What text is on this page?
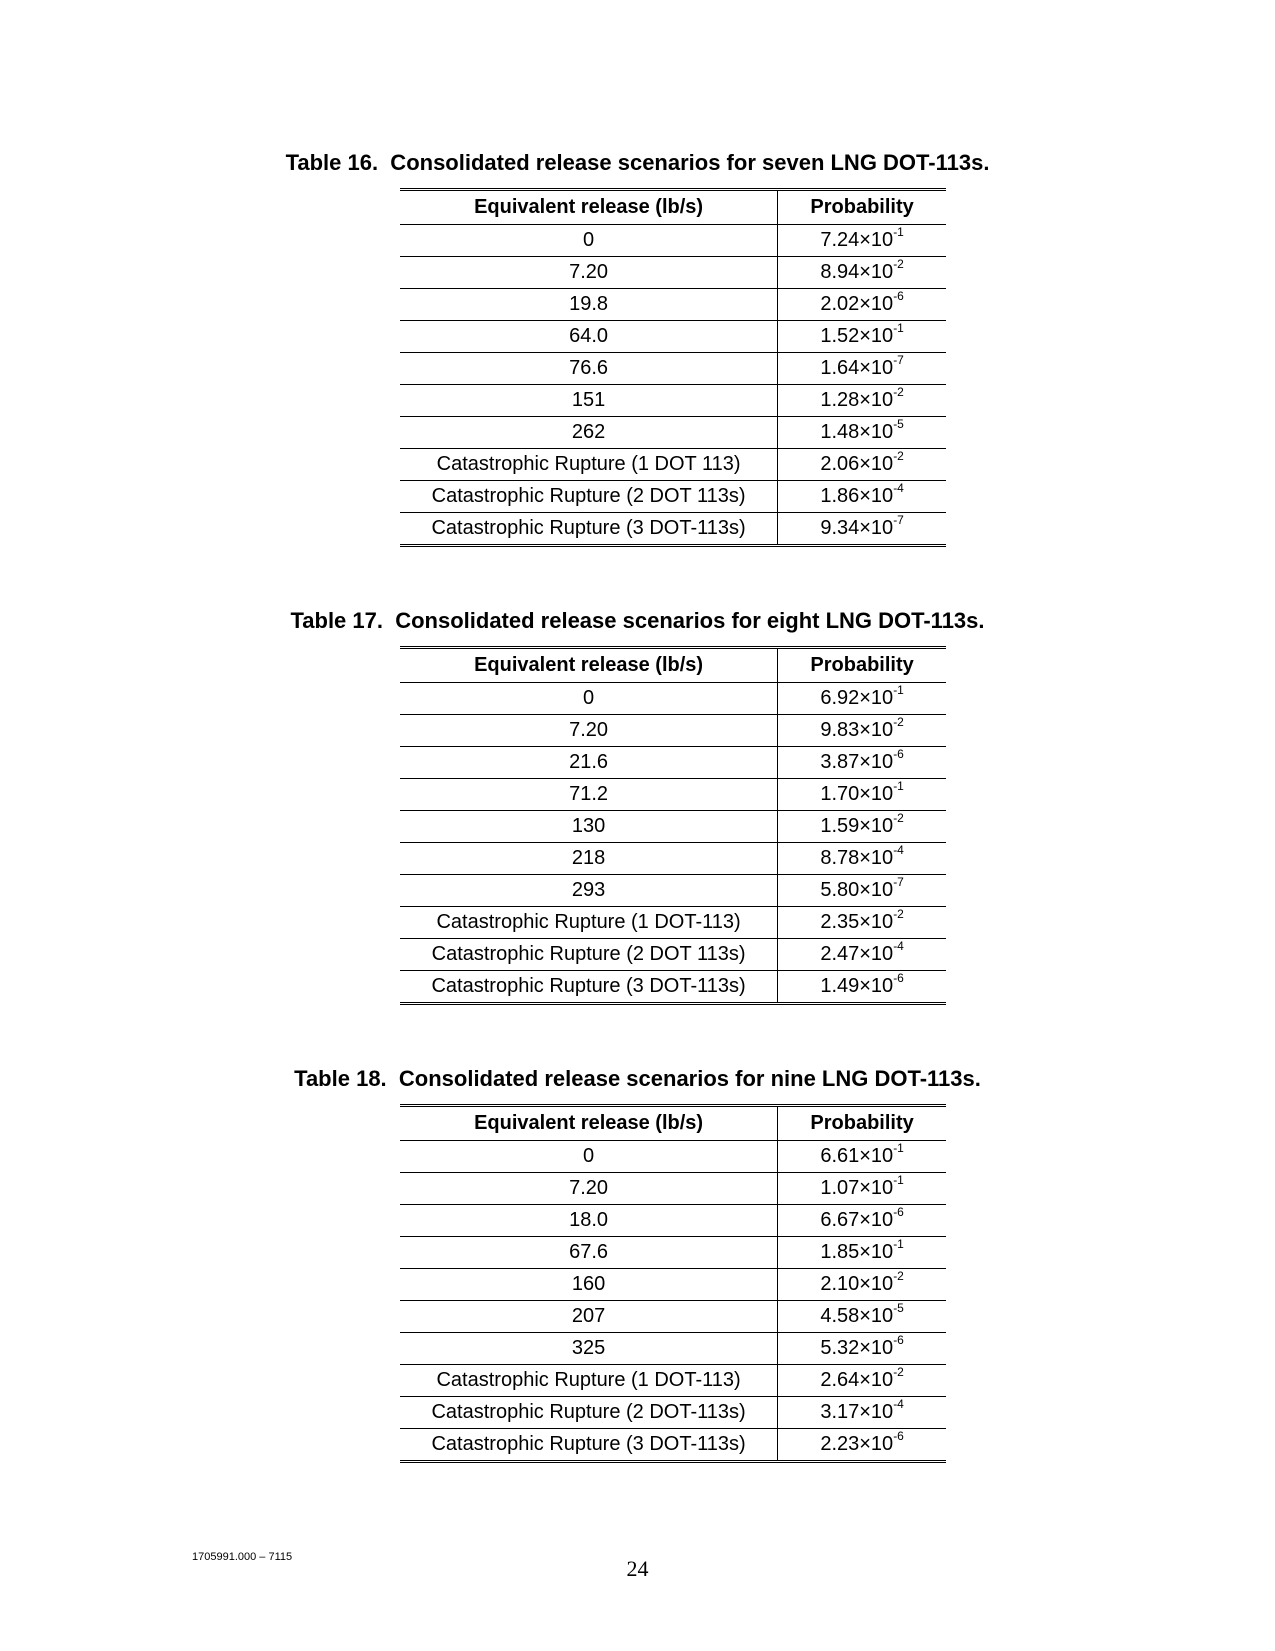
Table 16.  Consolidated release scenarios for seven LNG DOT-113s.
Equivalent release (lb/s)	Probability
0	$7.24\times 10^{-1}$
7.20	$8.94\times 10^{-2}$
19.8	$2.02\times 10^{-6}$
64.0	$1.52\times 10^{-1}$
76.6	$1.64\times 10^{-7}$
151	$1.28\times 10^{-2}$
262	$1.48\times 10^{-5}$
Catastrophic Rupture (1 DOT 113)	$2.06\times 10^{-2}$
Catastrophic Rupture (2 DOT 113s)	$1.86\times 10^{-4}$
Catastrophic Rupture (3 DOT-113s)	$9.34\times 10^{-7}$
Table 17.  Consolidated release scenarios for eight LNG DOT-113s.
Equivalent release (lb/s)	Probability
0	$6.92\times 10^{-1}$
7.20	$9.83\times 10^{-2}$
21.6	$3.87\times 10^{-6}$
71.2	$1.70\times 10^{-1}$
130	$1.59\times 10^{-2}$
218	$8.78\times 10^{-4}$
293	$5.80\times 10^{-7}$
Catastrophic Rupture (1 DOT-113)	$2.35\times 10^{-2}$
Catastrophic Rupture (2 DOT 113s)	$2.47\times 10^{-4}$
Catastrophic Rupture (3 DOT-113s)	$1.49\times 10^{-6}$
Table 18.  Consolidated release scenarios for nine LNG DOT-113s.
Equivalent release (lb/s)	Probability
0	$6.61\times 10^{-1}$
7.20	$1.07\times 10^{-1}$
18.0	$6.67\times 10^{-6}$
67.6	$1.85\times 10^{-1}$
160	$2.10\times 10^{-2}$
207	$4.58\times 10^{-5}$
325	$5.32\times 10^{-6}$
Catastrophic Rupture (1 DOT-113)	$2.64\times 10^{-2}$
Catastrophic Rupture (2 DOT-113s)	$3.17\times 10^{-4}$
Catastrophic Rupture (3 DOT-113s)	$2.23\times 10^{-6}$
1705991.000 – 7115	24
